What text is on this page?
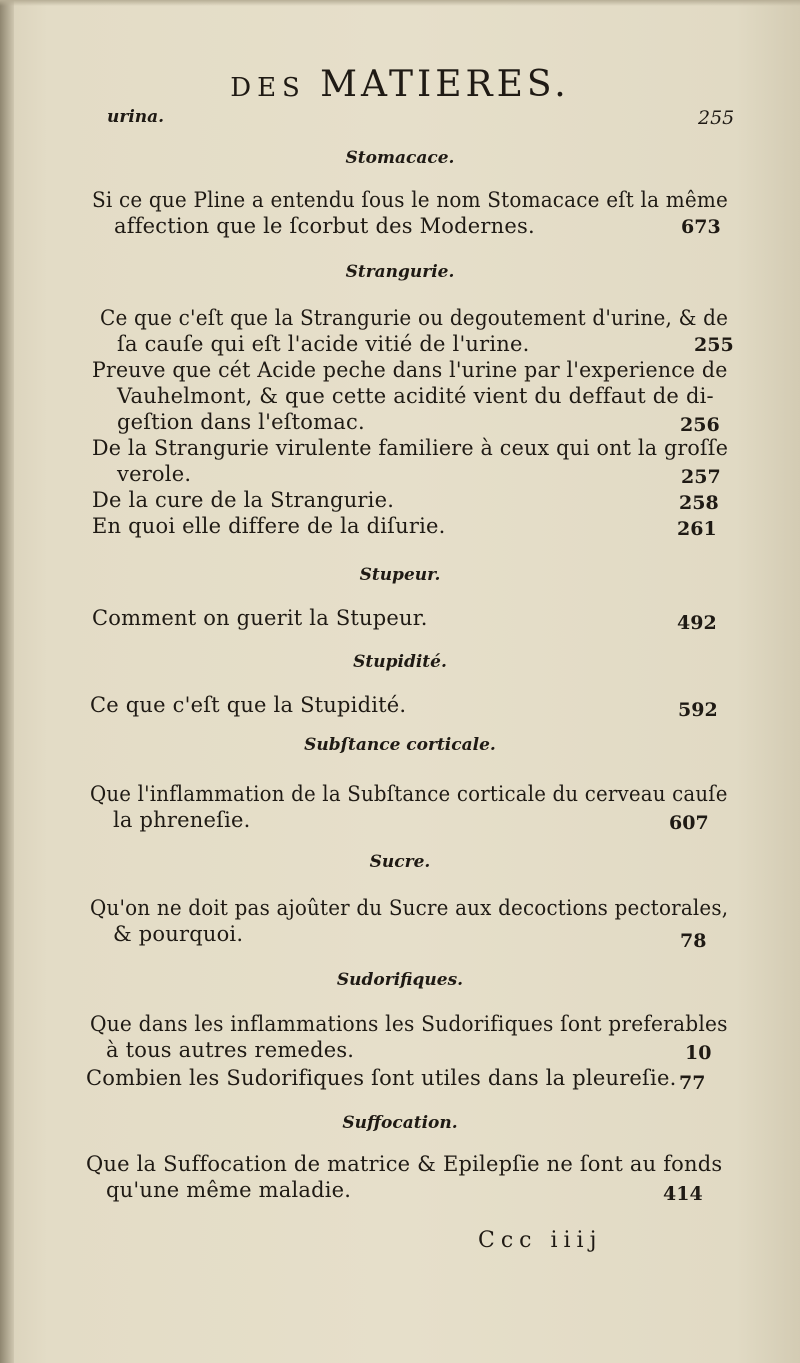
DES MATIERES.
urina.	255
Stomacace.
Si ce que Pline a entendu ſous le nom Stomacace eſt la même
affection que le ſcorbut des Modernes.	673
Strangurie.
Ce que c'eſt que la Strangurie ou degoutement d'urine, & de
ſa cauſe qui eſt l'acide vitié de l'urine.	255
Preuve que cét Acide peche dans l'urine par l'experience de
Vauhelmont, & que cette acidité vient du deffaut de di-
geſtion dans l'eſtomac.	256
De la Strangurie virulente familiere à ceux qui ont la groſſe
verole.	257
De la cure de la Strangurie.	258
En quoi elle differe de la diſurie.	261
Stupeur.
Comment on guerit la Stupeur.	492
Stupidité.
Ce que c'eſt que la Stupidité.	592
Subſtance corticale.
Que l'inflammation de la Subſtance corticale du cerveau cauſe
la phreneſie.	607
Sucre.
Qu'on ne doit pas ajoûter du Sucre aux decoctions pectorales,
& pourquoi.	78
Sudorifiques.
Que dans les inflammations les Sudorifiques ſont preferables
à tous autres remedes.	10
Combien les Sudorifiques ſont utiles dans la pleureſie. 77
Suffocation.
Que la Suffocation de matrice & Epilepſie ne ſont au fonds
qu'une même maladie.	414
Ccc iiij
